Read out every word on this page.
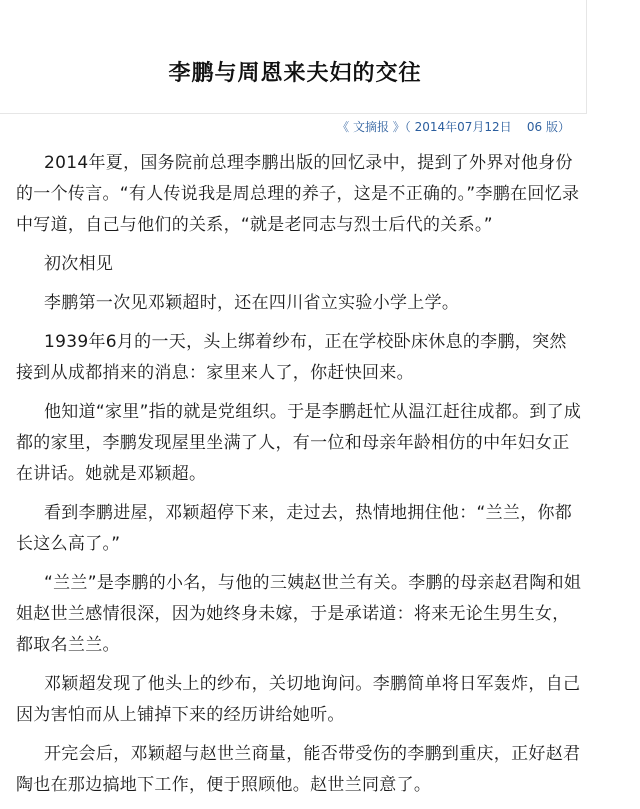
李鹏与周恩来夫妇的交往
《 文摘报 》（ 2014年07月12日    06 版）

2014年夏，国务院前总理李鹏出版的回忆录中，提到了外界对他身份的一个传言。“有人传说我是周总理的养子，这是不正确的。”李鹏在回忆录中写道，自己与他们的关系，“就是老同志与烈士后代的关系。”

初次相见

李鹏第一次见邓颖超时，还在四川省立实验小学上学。

1939年6月的一天，头上绑着纱布，正在学校卧床休息的李鹏，突然接到从成都捎来的消息：家里来人了，你赶快回来。

他知道“家里”指的就是党组织。于是李鹏赶忙从温江赶往成都。到了成都的家里，李鹏发现屋里坐满了人，有一位和母亲年龄相仿的中年妇女正在讲话。她就是邓颖超。

看到李鹏进屋，邓颖超停下来，走过去，热情地拥住他：“兰兰，你都长这么高了。”

“兰兰”是李鹏的小名，与他的三姨赵世兰有关。李鹏的母亲赵君陶和姐姐赵世兰感情很深，因为她终身未嫁，于是承诺道：将来无论生男生女，都取名兰兰。

邓颖超发现了他头上的纱布，关切地询问。李鹏简单将日军轰炸，自己因为害怕而从上铺掉下来的经历讲给她听。

开完会后，邓颖超与赵世兰商量，能否带受伤的李鹏到重庆，正好赵君陶也在那边搞地下工作，便于照顾他。赵世兰同意了。
